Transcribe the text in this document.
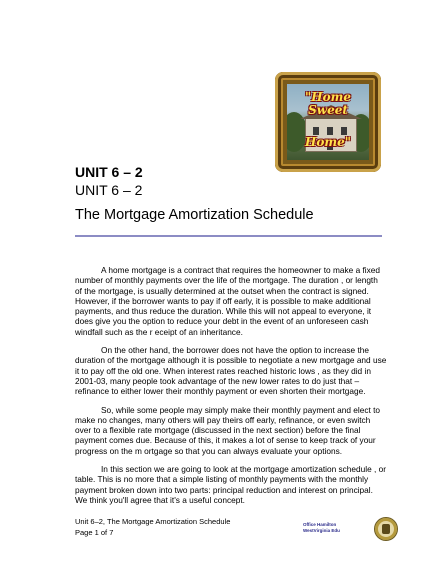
"Home Sweet
Home"
UNIT 6 – 2
UNIT 6 – 2
The Mortgage Amortization Schedule

A home mortgage is a contract that requires the homeowner to make a fixed number of monthly payments over the life of the mortgage. The duration , or length of the mortgage, is usually determined at the outset when the contract is signed. However, if the borrower wants to pay if off early, it is possible to make additional payments, and thus reduce the duration. While this will not appeal to everyone, it does give you the option to reduce your debt in the event of an unforeseen cash windfall such as the r eceipt of an inheritance.

On the other hand, the borrower does not have the option to increase the duration of the mortgage although it is possible to negotiate a new mortgage and use it to pay off the old one. When interest rates reached historic lows , as they did in 2001-03, many people took advantage of the new lower rates to do just that – refinance to either lower their monthly payment or even shorten their mortgage.

So, while some people may simply make their monthly payment and elect to make no changes, many others will pay theirs off early, refinance, or even switch over to a flexible rate mortgage (discussed in the next section) before the final payment comes due. Because of this, it makes a lot of sense to keep track of your progress on the m ortgage so that you can always evaluate your options.

In this section we are going to look at the mortgage amortization schedule , or table. This is no more that a simple listing of monthly payments with the monthly payment broken down into two parts: principal reduction and interest on principal. We think you'll agree that it's a useful concept.

Unit 6–2, The Mortgage Amortization Schedule
Page 1 of 7
Office Hamilton
WestVirginia Edu
